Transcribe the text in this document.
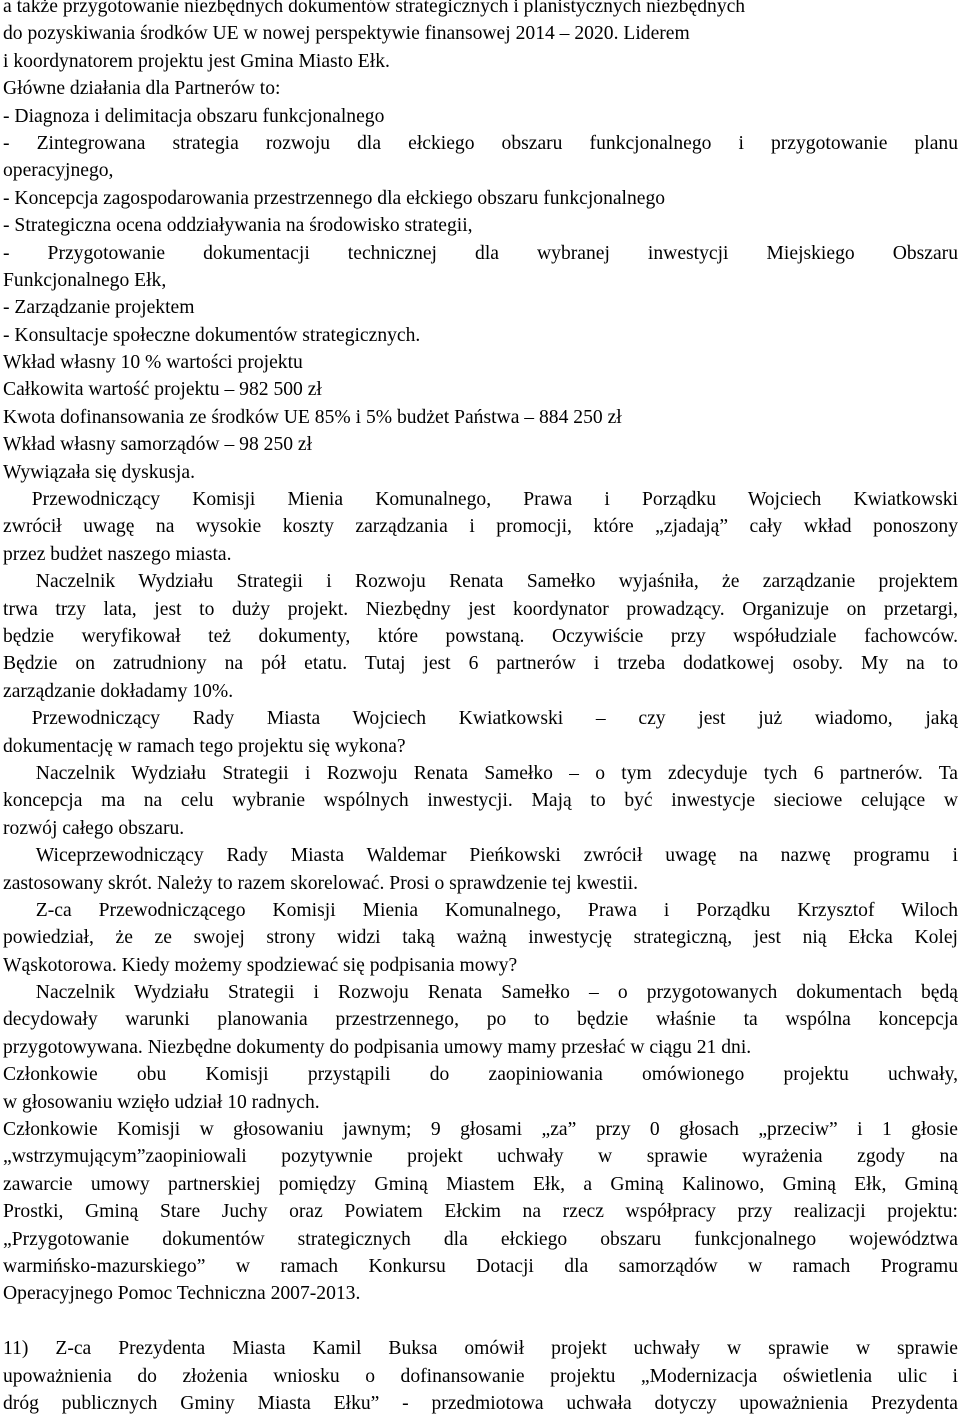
a także przygotowanie niezbędnych dokumentów strategicznych i planistycznych niezbędnych
do pozyskiwania środków UE w nowej perspektywie finansowej 2014 – 2020. Liderem
i koordynatorem projektu jest Gmina Miasto Ełk.
Główne działania dla Partnerów to:
- Diagnoza i delimitacja obszaru funkcjonalnego
- Zintegrowana strategia rozwoju dla ełckiego obszaru funkcjonalnego i przygotowanie planu
operacyjnego,
- Koncepcja zagospodarowania przestrzennego dla ełckiego obszaru funkcjonalnego
- Strategiczna ocena oddziaływania na środowisko strategii,
- Przygotowanie dokumentacji technicznej dla wybranej inwestycji Miejskiego Obszaru
Funkcjonalnego Ełk,
- Zarządzanie projektem
- Konsultacje społeczne dokumentów strategicznych.
Wkład własny 10 % wartości projektu
Całkowita wartość projektu – 982 500 zł
Kwota dofinansowania ze środków UE 85% i 5% budżet Państwa – 884 250 zł
Wkład własny samorządów – 98 250 zł
Wywiązała się dyskusja.
Przewodniczący Komisji Mienia Komunalnego, Prawa i Porządku Wojciech Kwiatkowski
zwrócił uwagę na wysokie koszty zarządzania i promocji, które „zjadają” cały wkład ponoszony
przez budżet naszego miasta.
Naczelnik Wydziału Strategii i Rozwoju Renata Samełko wyjaśniła, że zarządzanie projektem
trwa trzy lata, jest to duży projekt. Niezbędny jest koordynator prowadzący. Organizuje on przetargi,
będzie weryfikował też dokumenty, które powstaną. Oczywiście przy współudziale fachowców.
Będzie on zatrudniony na pół etatu. Tutaj jest 6 partnerów i trzeba dodatkowej osoby. My na to
zarządzanie dokładamy 10%.
Przewodniczący Rady Miasta Wojciech Kwiatkowski – czy jest już wiadomo, jaką
dokumentację w ramach tego projektu się wykona?
Naczelnik Wydziału Strategii i Rozwoju Renata Samełko – o tym zdecyduje tych 6 partnerów. Ta
koncepcja ma na celu wybranie wspólnych inwestycji. Mają to być inwestycje sieciowe celujące w
rozwój całego obszaru.
Wiceprzewodniczący Rady Miasta Waldemar Pieńkowski zwrócił uwagę na nazwę programu i
zastosowany skrót. Należy to razem skorelować. Prosi o sprawdzenie tej kwestii.
Z-ca Przewodniczącego Komisji Mienia Komunalnego, Prawa i Porządku Krzysztof Wiloch
powiedział, że ze swojej strony widzi taką ważną inwestycję strategiczną, jest nią Ełcka Kolej
Wąskotorowa. Kiedy możemy spodziewać się podpisania mowy?
Naczelnik Wydziału Strategii i Rozwoju Renata Samełko – o przygotowanych dokumentach będą
decydowały warunki planowania przestrzennego, po to będzie właśnie ta wspólna koncepcja
przygotowywana. Niezbędne dokumenty do podpisania umowy mamy przesłać w ciągu 21 dni.
Członkowie obu Komisji przystąpili do zaopiniowania omówionego projektu uchwały,
w głosowaniu wzięło udział 10 radnych.
Członkowie Komisji w głosowaniu jawnym; 9 głosami „za” przy 0 głosach „przeciw” i 1 głosie
„wstrzymującym”zaopiniowali pozytywnie projekt uchwały w sprawie wyrażenia zgody na
zawarcie umowy partnerskiej pomiędzy Gminą Miastem Ełk, a Gminą Kalinowo, Gminą Ełk, Gminą
Prostki, Gminą Stare Juchy oraz Powiatem Ełckim na rzecz współpracy przy realizacji projektu:
„Przygotowanie dokumentów strategicznych dla ełckiego obszaru funkcjonalnego województwa
warmińsko-mazurskiego” w ramach Konkursu Dotacji dla samorządów w ramach Programu
Operacyjnego Pomoc Techniczna 2007-2013.
11) Z-ca Prezydenta Miasta Kamil Buksa omówił projekt uchwały w sprawie w sprawie
upoważnienia do złożenia wniosku o dofinansowanie projektu „Modernizacja oświetlenia ulic i
dróg publicznych Gminy Miasta Ełku” - przedmiotowa uchwała dotyczy upoważnienia Prezydenta
